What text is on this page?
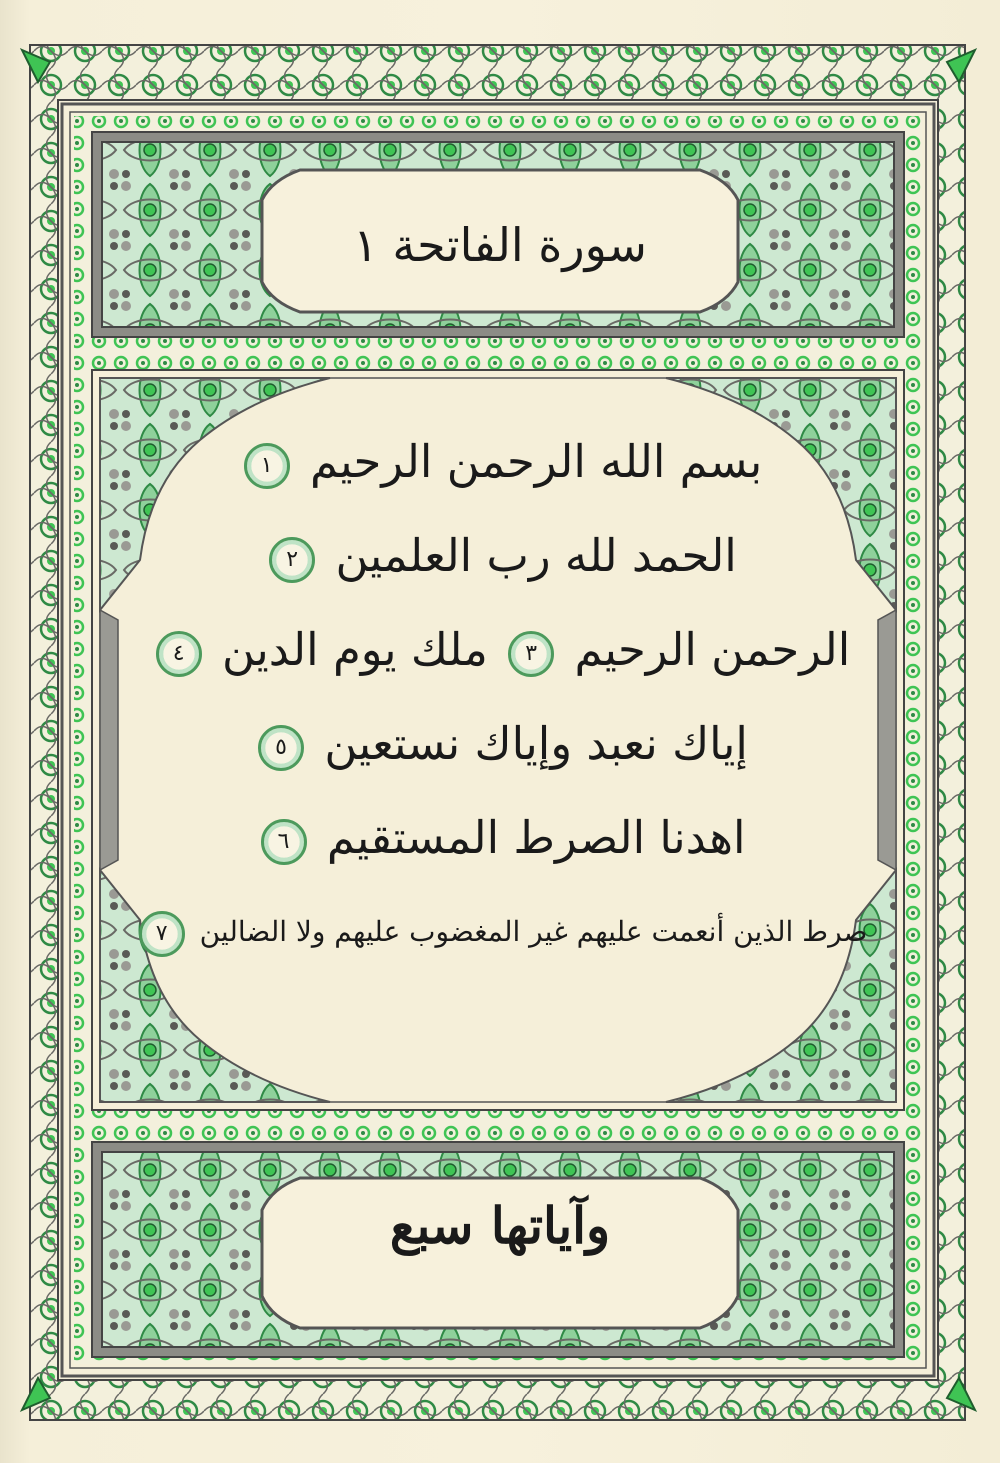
سورة الفاتحة ١
بسم الله الرحمن الرحيم ١
الحمد لله رب العلمين ٢
الرحمن الرحيم ٣ ملك يوم الدين ٤
إياك نعبد وإياك نستعين ٥
اهدنا الصرط المستقيم ٦
صرط الذين أنعمت عليهم غير المغضوب عليهم ولا الضالين ٧
وآياتها سبع
